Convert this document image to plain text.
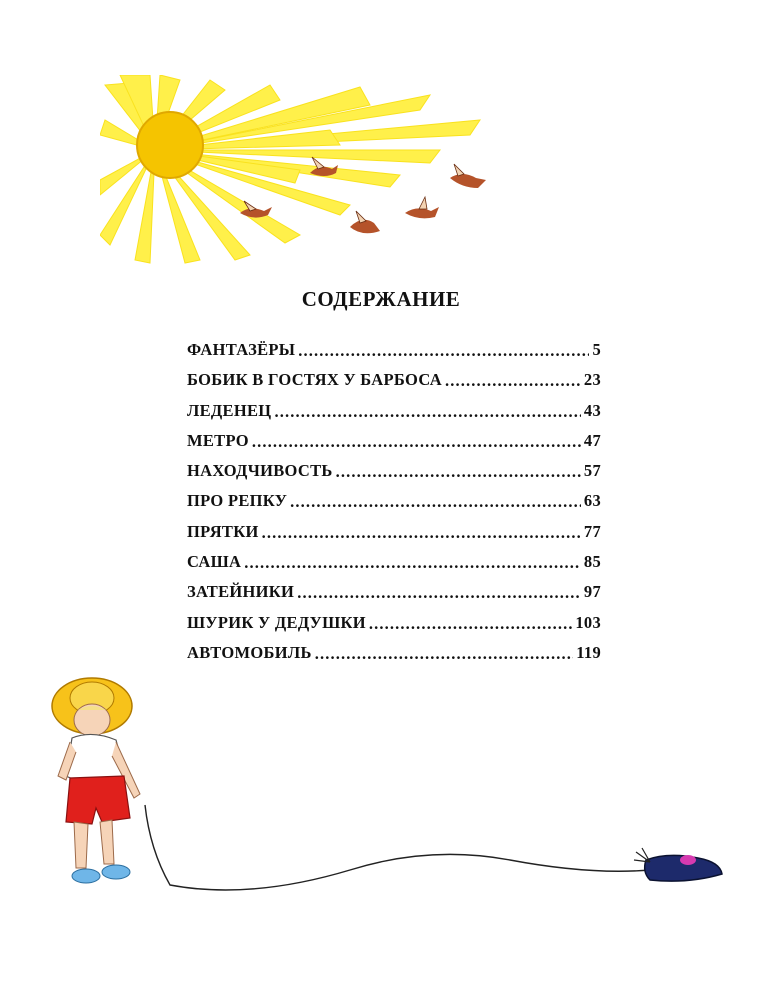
СОДЕРЖАНИЕ
ФАНТАЗЁРЫ . . .	5
БОБИК В ГОСТЯХ У БАРБОСА . . .	23
ЛЕДЕНЕЦ . . .	43
МЕТРО . . .	47
НАХОДЧИВОСТЬ . . .	57
ПРО РЕПКУ . . .	63
ПРЯТКИ . . .	77
САША . . .	85
ЗАТЕЙНИКИ . . .	97
ШУРИК У ДЕДУШКИ . . .	103
АВТОМОБИЛЬ . . .	119
